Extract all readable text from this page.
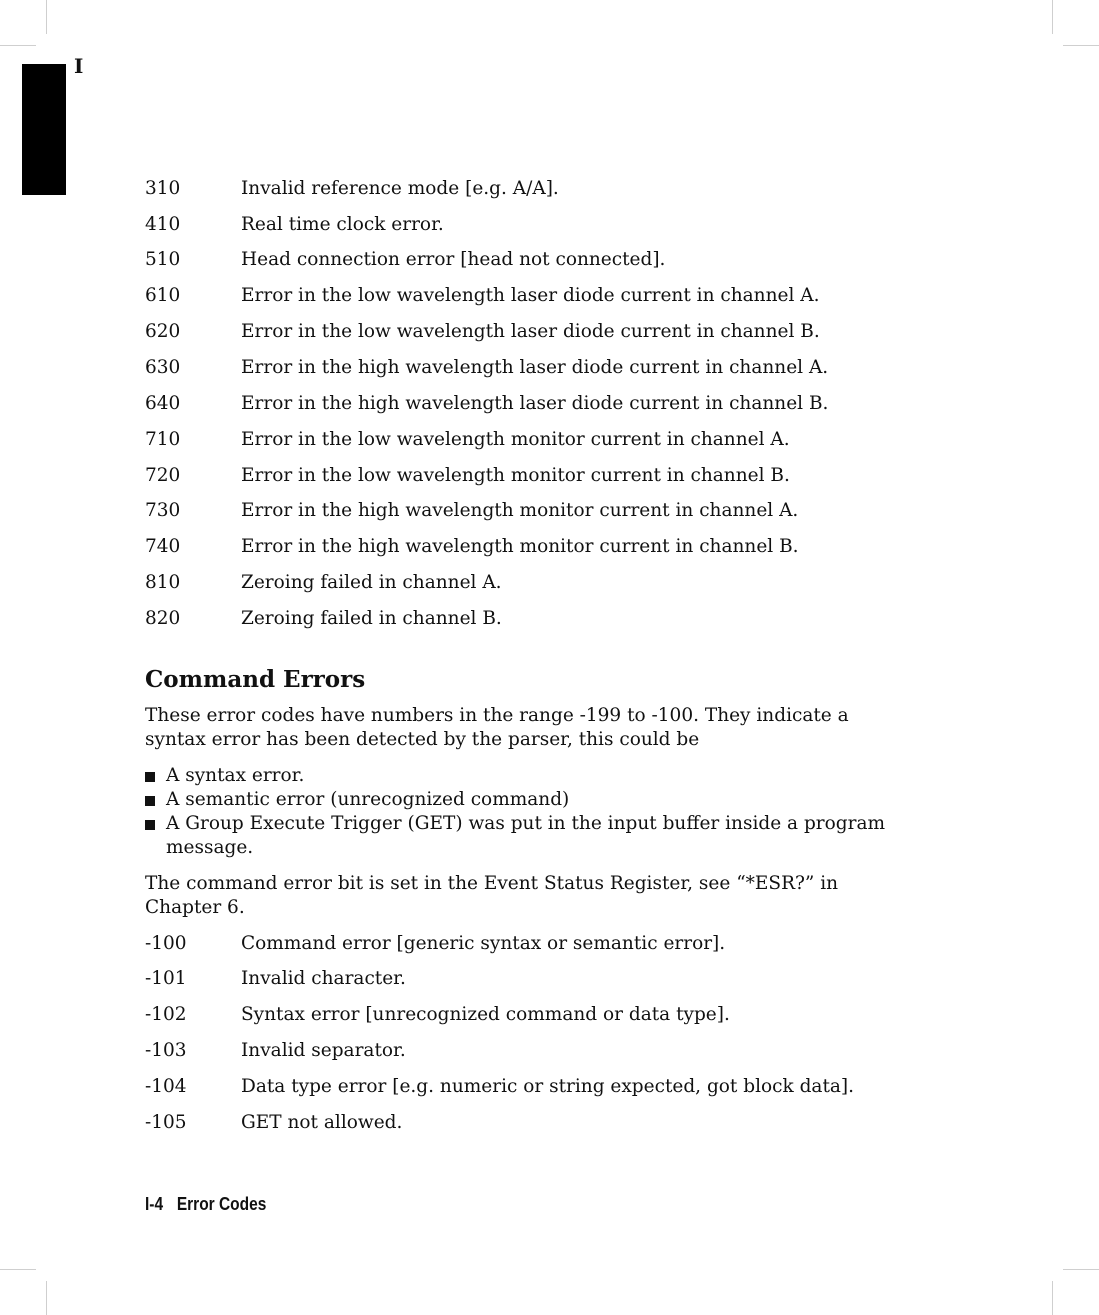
I
310	Invalid reference mode [e.g. A/A].
410	Real time clock error.
510	Head connection error [head not connected].
610	Error in the low wavelength laser diode current in channel A.
620	Error in the low wavelength laser diode current in channel B.
630	Error in the high wavelength laser diode current in channel A.
640	Error in the high wavelength laser diode current in channel B.
710	Error in the low wavelength monitor current in channel A.
720	Error in the low wavelength monitor current in channel B.
730	Error in the high wavelength monitor current in channel A.
740	Error in the high wavelength monitor current in channel B.
810	Zeroing failed in channel A.
820	Zeroing failed in channel B.
Command Errors
These error codes have numbers in the range -199 to -100. They indicate a syntax error has been detected by the parser, this could be
A syntax error.
A semantic error (unrecognized command)
A Group Execute Trigger (GET) was put in the input buffer inside a program message.
The command error bit is set in the Event Status Register, see “*ESR?” in Chapter 6.
-100	Command error [generic syntax or semantic error].
-101	Invalid character.
-102	Syntax error [unrecognized command or data type].
-103	Invalid separator.
-104	Data type error [e.g. numeric or string expected, got block data].
-105	GET not allowed.
I-4 Error Codes
